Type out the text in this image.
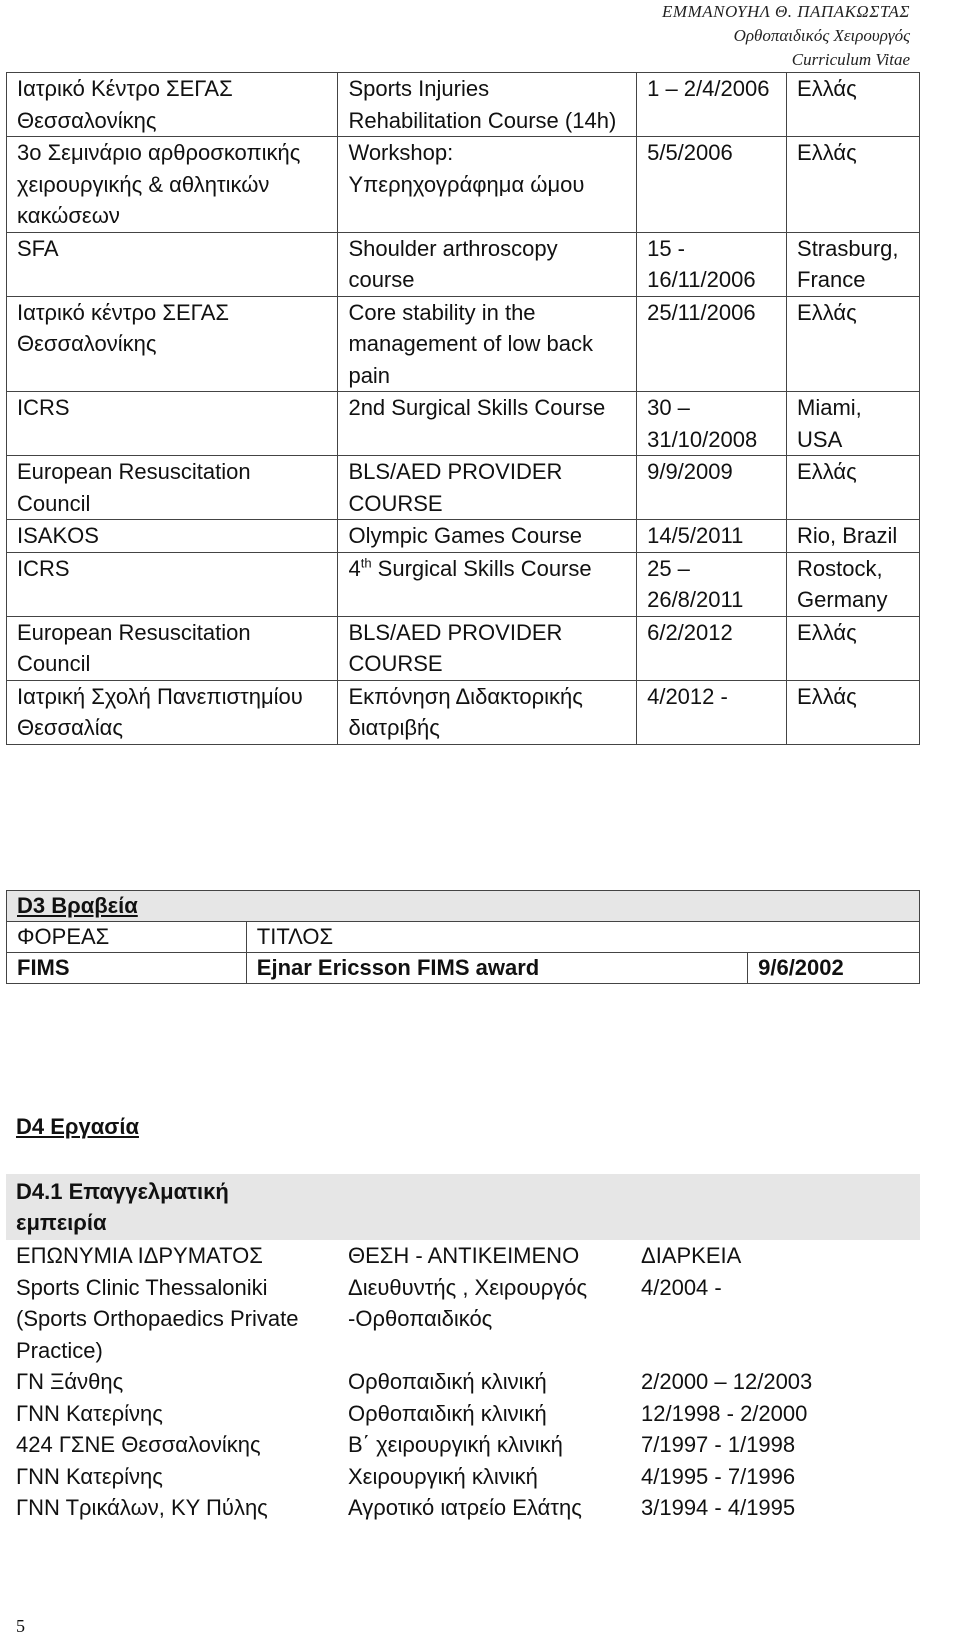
ΕΜΜΑΝΟΥΗΛ Θ. ΠΑΠΑΚΩΣΤΑΣ
Ορθοπαιδικός Χειρουργός
Curriculum Vitae
Ιατρικό Κέντρο ΣΕΓΑΣ Θεσσαλονίκης	Sports Injuries Rehabilitation Course (14h)	1 – 2/4/2006	Ελλάς
3ο Σεμινάριο αρθροσκοπικής χειρουργικής & αθλητικών κακώσεων	Workshop: Υπερηχογράφημα ώμου	5/5/2006	Ελλάς
SFA	Shoulder arthroscopy course	15 - 16/11/2006	Strasburg, France
Ιατρικό κέντρο ΣΕΓΑΣ Θεσσαλονίκης	Core stability in the management of low back pain	25/11/2006	Ελλάς
ICRS	2nd Surgical Skills Course	30 – 31/10/2008	Miami, USA
European Resuscitation Council	BLS/AED PROVIDER COURSE	9/9/2009	Ελλάς
ISAKOS	Olympic Games Course	14/5/2011	Rio, Brazil
ICRS	4th Surgical Skills Course	25 – 26/8/2011	Rostock, Germany
European Resuscitation Council	BLS/AED PROVIDER COURSE	6/2/2012	Ελλάς
Ιατρική Σχολή Πανεπιστημίου Θεσσαλίας	Εκπόνηση Διδακτορικής διατριβής	4/2012 -	Ελλάς
D3 Βραβεία		
ΦΟΡΕΑΣ	ΤΙΤΛΟΣ	
FIMS	Ejnar Ericsson FIMS award	9/6/2002
D4 Εργασία
D4.1 Επαγγελματική εμπειρία
ΕΠΩΝΥΜΙΑ ΙΔΡΥΜΑΤΟΣ	ΘΕΣΗ - ΑΝΤΙΚΕΙΜΕΝΟ	ΔΙΑΡΚΕΙΑ
Sports Clinic Thessaloniki (Sports Orthopaedics Private Practice)	Διευθυντής , Χειρουργός -Ορθοπαιδικός	4/2004 -
ΓΝ Ξάνθης	Ορθοπαιδική κλινική	2/2000 – 12/2003
ΓΝΝ Κατερίνης	Ορθοπαιδική κλινική	12/1998 - 2/2000
424 ΓΣΝΕ Θεσσαλονίκης	Β΄ χειρουργική κλινική	7/1997 - 1/1998
ΓΝΝ Κατερίνης	Χειρουργική κλινική	4/1995 - 7/1996
ΓΝΝ Τρικάλων, ΚΥ Πύλης	Αγροτικό ιατρείο Ελάτης	3/1994 - 4/1995
5
